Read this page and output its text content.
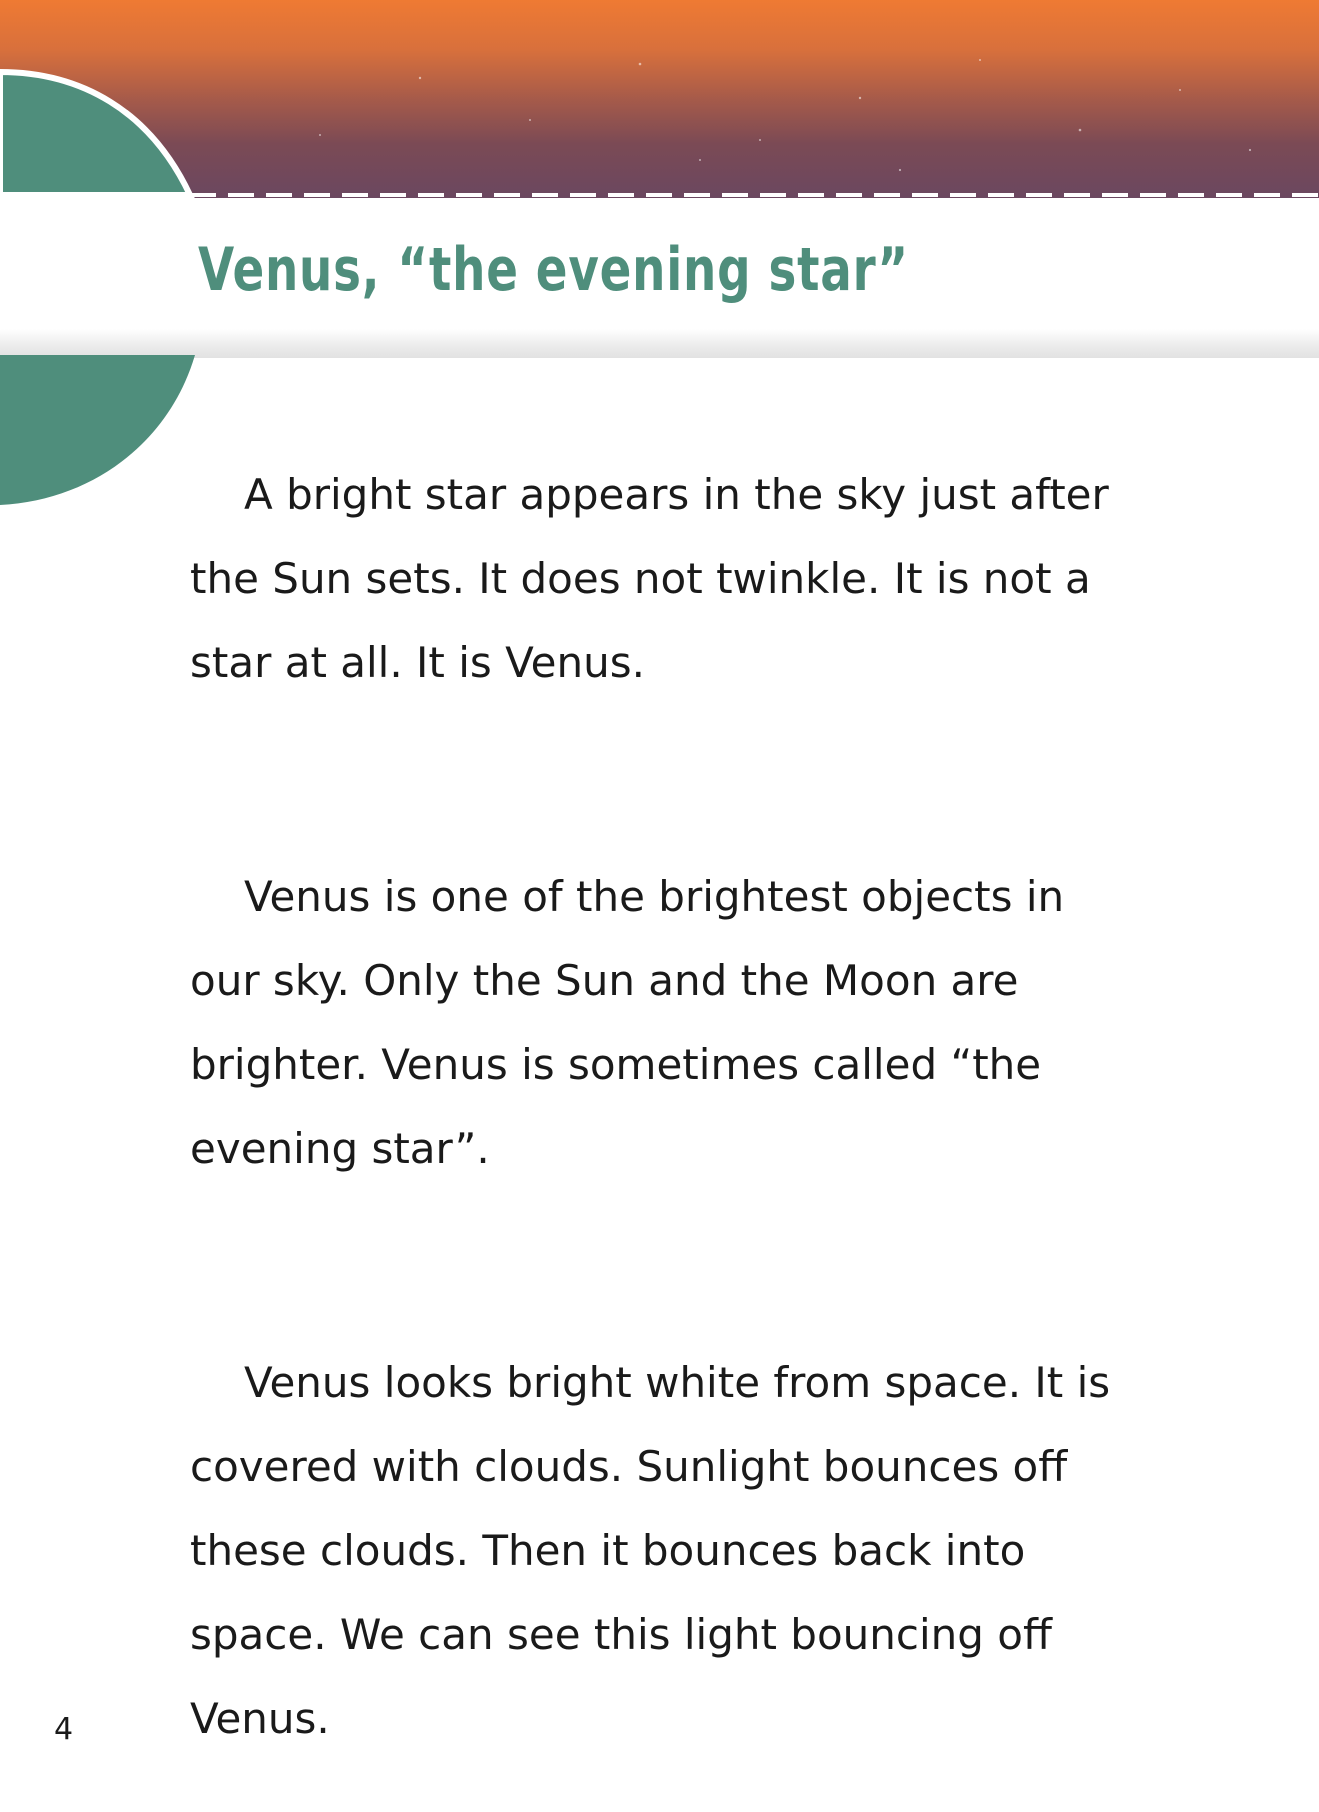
Venus, “the evening star”

A bright star appears in the sky just after the Sun sets. It does not twinkle. It is not a star at all. It is Venus.

Venus is one of the brightest objects in our sky. Only the Sun and the Moon are brighter. Venus is sometimes called “the evening star”.

Venus looks bright white from space. It is covered with clouds. Sunlight bounces off these clouds. Then it bounces back into space. We can see this light bouncing off Venus.

4
